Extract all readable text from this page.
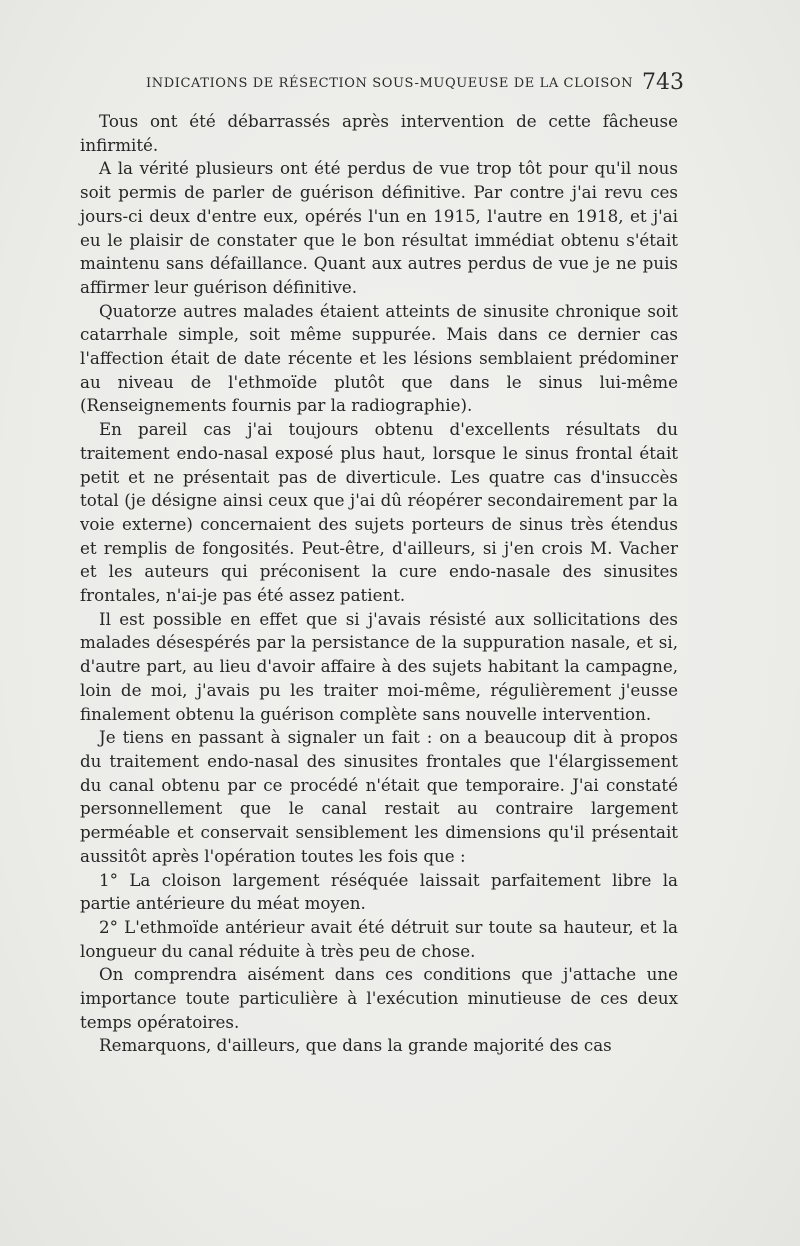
INDICATIONS DE RÉSECTION SOUS-MUQUEUSE DE LA CLOISON 743

Tous ont été débarrassés après intervention de cette fâcheuse infirmité.

A la vérité plusieurs ont été perdus de vue trop tôt pour qu'il nous soit permis de parler de guérison définitive. Par contre j'ai revu ces jours-ci deux d'entre eux, opérés l'un en 1915, l'autre en 1918, et j'ai eu le plaisir de constater que le bon résultat immédiat obtenu s'était maintenu sans défaillance. Quant aux autres perdus de vue je ne puis affirmer leur guérison définitive.

Quatorze autres malades étaient atteints de sinusite chronique soit catarrhale simple, soit même suppurée. Mais dans ce dernier cas l'affection était de date récente et les lésions semblaient prédominer au niveau de l'ethmoïde plutôt que dans le sinus lui-même (Renseignements fournis par la radiographie).

En pareil cas j'ai toujours obtenu d'excellents résultats du traitement endo-nasal exposé plus haut, lorsque le sinus frontal était petit et ne présentait pas de diverticule. Les quatre cas d'insuccès total (je désigne ainsi ceux que j'ai dû réopérer secondairement par la voie externe) concernaient des sujets porteurs de sinus très étendus et remplis de fongosités. Peut-être, d'ailleurs, si j'en crois M. Vacher et les auteurs qui préconisent la cure endo-nasale des sinusites frontales, n'ai-je pas été assez patient.

Il est possible en effet que si j'avais résisté aux sollicitations des malades désespérés par la persistance de la suppuration nasale, et si, d'autre part, au lieu d'avoir affaire à des sujets habitant la campagne, loin de moi, j'avais pu les traiter moi-même, régulièrement j'eusse finalement obtenu la guérison complète sans nouvelle intervention.

Je tiens en passant à signaler un fait : on a beaucoup dit à propos du traitement endo-nasal des sinusites frontales que l'élargissement du canal obtenu par ce procédé n'était que temporaire. J'ai constaté personnellement que le canal restait au contraire largement perméable et conservait sensiblement les dimensions qu'il présentait aussitôt après l'opération toutes les fois que :

1° La cloison largement réséquée laissait parfaitement libre la partie antérieure du méat moyen.

2° L'ethmoïde antérieur avait été détruit sur toute sa hauteur, et la longueur du canal réduite à très peu de chose.

On comprendra aisément dans ces conditions que j'attache une importance toute particulière à l'exécution minutieuse de ces deux temps opératoires.

Remarquons, d'ailleurs, que dans la grande majorité des cas
